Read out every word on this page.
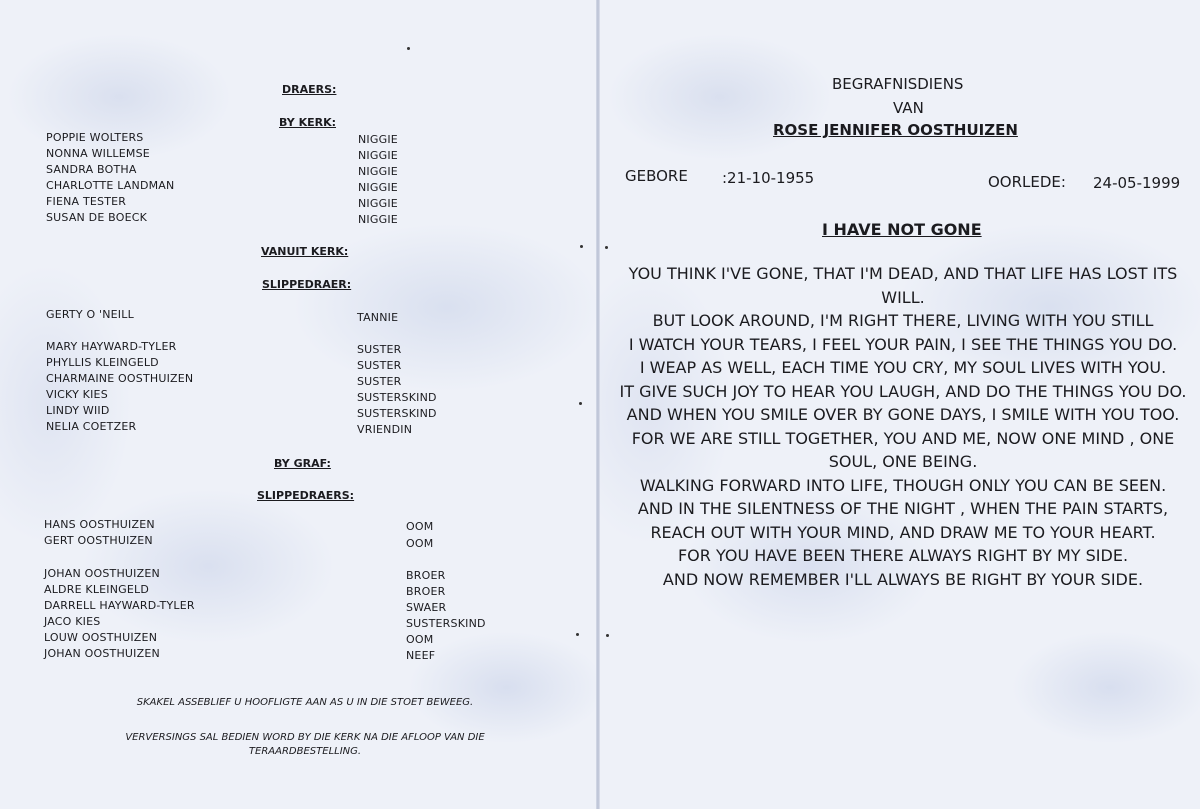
DRAERS:
BY KERK:
POPPIE WOLTERS	NIGGIE
NONNA WILLEMSE	NIGGIE
SANDRA BOTHA	NIGGIE
CHARLOTTE LANDMAN	NIGGIE
FIENA TESTER	NIGGIE
SUSAN DE BOECK	NIGGIE
VANUIT KERK:
SLIPPEDRAER:
GERTY O 'NEILL	TANNIE
MARY HAYWARD-TYLER	SUSTER
PHYLLIS KLEINGELD	SUSTER
CHARMAINE OOSTHUIZEN	SUSTER
VICKY KIES	SUSTERSKIND
LINDY WIID	SUSTERSKIND
NELIA COETZER	VRIENDIN
BY GRAF:
SLIPPEDRAERS:
HANS OOSTHUIZEN	OOM
GERT OOSTHUIZEN	OOM
JOHAN OOSTHUIZEN	BROER
ALDRE KLEINGELD	BROER
DARRELL HAYWARD-TYLER	SWAER
JACO KIES	SUSTERSKIND
LOUW OOSTHUIZEN	OOM
JOHAN OOSTHUIZEN	NEEF
SKAKEL ASSEBLIEF U HOOFLIGTE AAN AS U IN DIE STOET BEWEEG.
VERVERSINGS SAL BEDIEN WORD BY DIE KERK NA DIE AFLOOP VAN DIE TERAARDBESTELLING.
BEGRAFNISDIENS
VAN
ROSE JENNIFER OOSTHUIZEN
GEBORE :21-10-1955	OORLEDE: 24-05-1999
I HAVE NOT GONE
YOU THINK I'VE GONE, THAT I'M DEAD, AND THAT LIFE HAS LOST ITS WILL.
BUT LOOK AROUND, I'M RIGHT THERE, LIVING WITH YOU STILL
I WATCH YOUR TEARS, I FEEL YOUR PAIN, I SEE THE THINGS YOU DO.
I WEAP AS WELL, EACH TIME YOU CRY, MY SOUL LIVES WITH YOU.
IT GIVE SUCH JOY TO HEAR YOU LAUGH, AND DO THE THINGS YOU DO.
AND WHEN YOU SMILE OVER BY GONE DAYS, I SMILE WITH YOU TOO.
FOR WE ARE STILL TOGETHER, YOU AND ME, NOW ONE MIND , ONE SOUL, ONE BEING.
WALKING FORWARD INTO LIFE, THOUGH ONLY YOU CAN BE SEEN.
AND IN THE SILENTNESS OF THE NIGHT , WHEN THE PAIN STARTS, REACH OUT WITH YOUR MIND, AND DRAW ME TO YOUR HEART.
FOR YOU HAVE BEEN THERE ALWAYS RIGHT BY MY SIDE.
AND NOW REMEMBER I'LL ALWAYS BE RIGHT BY YOUR SIDE.
